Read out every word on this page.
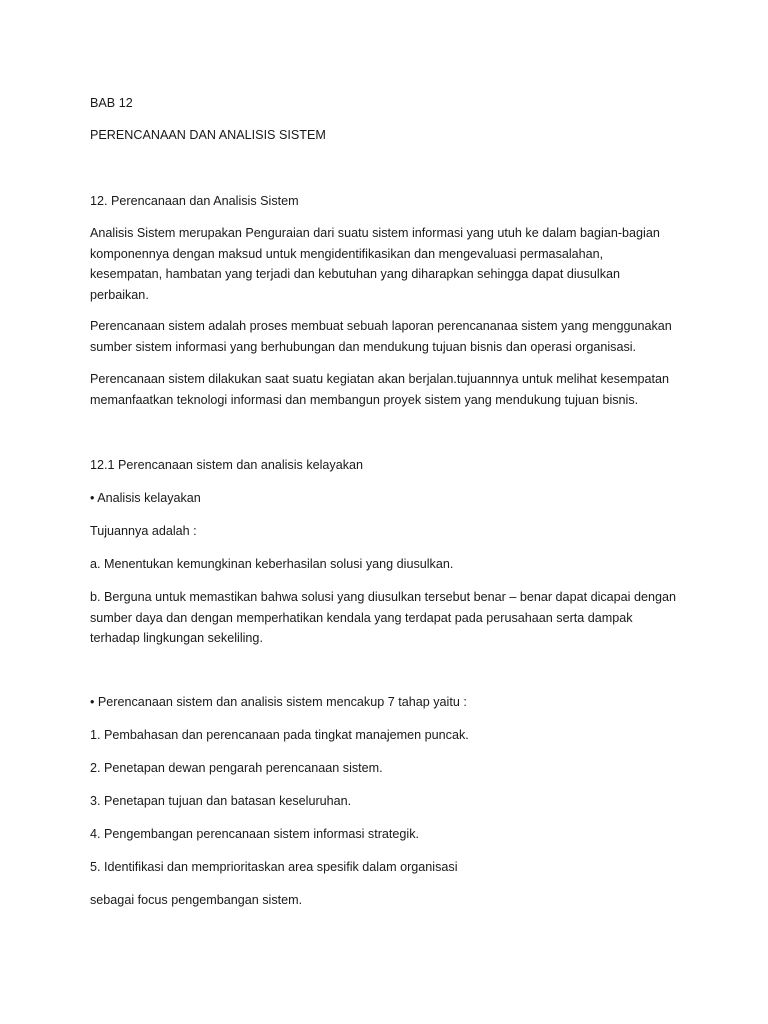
BAB 12

PERENCANAAN DAN ANALISIS SISTEM

12. Perencanaan dan Analisis Sistem

Analisis Sistem merupakan Penguraian dari suatu sistem informasi yang utuh ke dalam bagian-bagian
komponennya dengan maksud untuk mengidentifikasikan dan mengevaluasi permasalahan,
kesempatan, hambatan yang terjadi dan kebutuhan yang diharapkan sehingga dapat diusulkan
perbaikan.
Perencanaan sistem adalah proses membuat sebuah laporan perencananaa sistem yang menggunakan
sumber sistem informasi yang berhubungan dan mendukung tujuan bisnis dan operasi organisasi.
Perencanaan sistem dilakukan saat suatu kegiatan akan berjalan.tujuannnya untuk melihat kesempatan
memanfaatkan teknologi informasi dan membangun proyek sistem yang mendukung tujuan bisnis.

12.1 Perencanaan sistem dan analisis kelayakan

• Analisis kelayakan

Tujuannya adalah :

a. Menentukan kemungkinan keberhasilan solusi yang diusulkan.

b. Berguna untuk memastikan bahwa solusi yang diusulkan tersebut benar – benar dapat dicapai dengan
sumber daya dan dengan memperhatikan kendala yang terdapat pada perusahaan serta dampak
terhadap lingkungan sekeliling.

• Perencanaan sistem dan analisis sistem mencakup 7 tahap yaitu :

1. Pembahasan dan perencanaan pada tingkat manajemen puncak.

2. Penetapan dewan pengarah perencanaan sistem.

3. Penetapan tujuan dan batasan keseluruhan.

4. Pengembangan perencanaan sistem informasi strategik.

5. Identifikasi dan memprioritaskan area spesifik dalam organisasi

sebagai focus pengembangan sistem.
